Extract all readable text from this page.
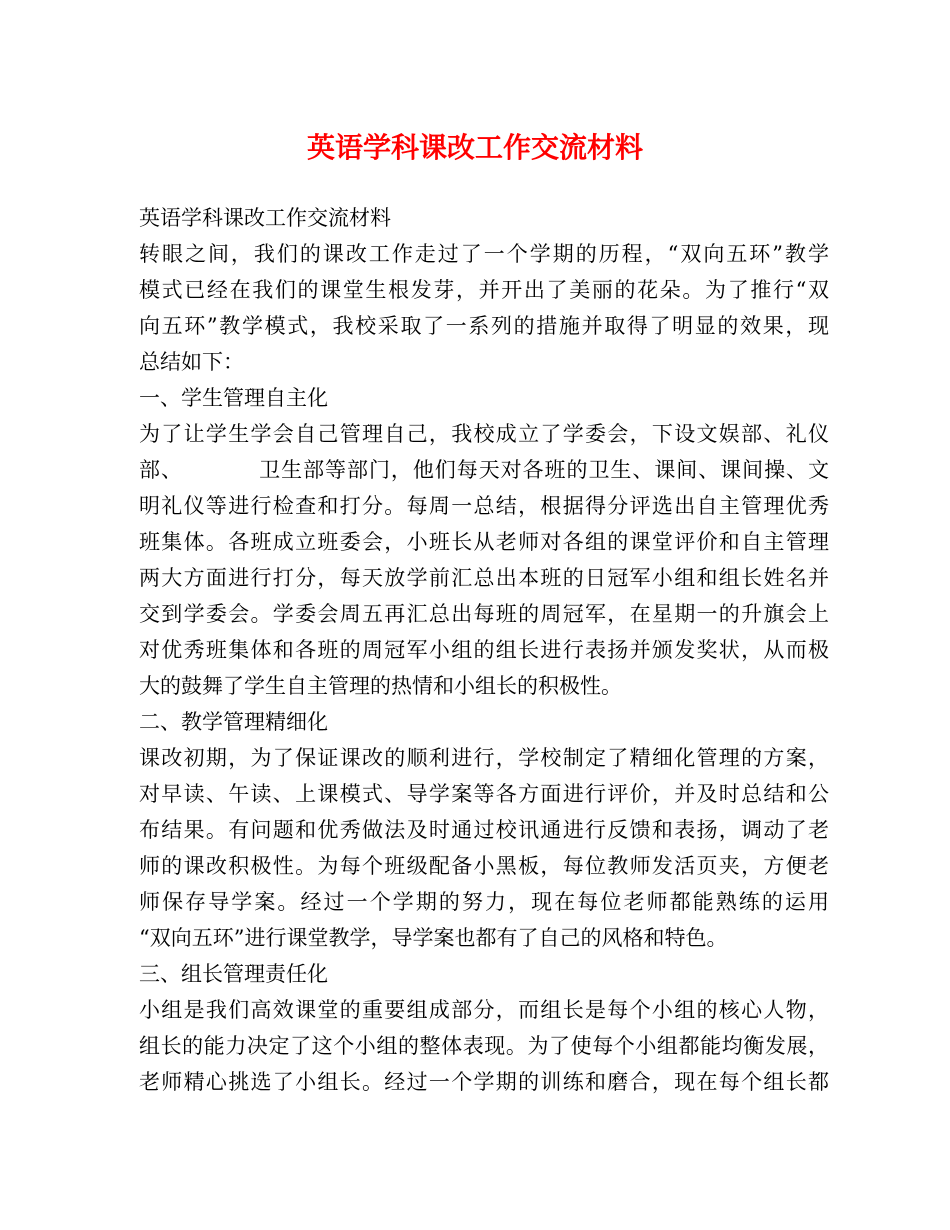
英语学科课改工作交流材料

英语学科课改工作交流材料

转眼之间，我们的课改工作走过了一个学期的历程，“双向五环”教学

模式已经在我们的课堂生根发芽，并开出了美丽的花朵。为了推行“双

向五环”教学模式，我校采取了一系列的措施并取得了明显的效果，现

总结如下：

一、学生管理自主化

为了让学生学会自己管理自己，我校成立了学委会，下设文娱部、礼仪

部、          卫生部等部门，他们每天对各班的卫生、课间、课间操、文

明礼仪等进行检查和打分。每周一总结，根据得分评选出自主管理优秀

班集体。各班成立班委会，小班长从老师对各组的课堂评价和自主管理

两大方面进行打分，每天放学前汇总出本班的日冠军小组和组长姓名并

交到学委会。学委会周五再汇总出每班的周冠军，在星期一的升旗会上

对优秀班集体和各班的周冠军小组的组长进行表扬并颁发奖状，从而极

大的鼓舞了学生自主管理的热情和小组长的积极性。

二、教学管理精细化

课改初期，为了保证课改的顺利进行，学校制定了精细化管理的方案，

对早读、午读、上课模式、导学案等各方面进行评价，并及时总结和公

布结果。有问题和优秀做法及时通过校讯通进行反馈和表扬，调动了老

师的课改积极性。为每个班级配备小黑板，每位教师发活页夹，方便老

师保存导学案。经过一个学期的努力，现在每位老师都能熟练的运用

“双向五环”进行课堂教学，导学案也都有了自己的风格和特色。

三、组长管理责任化

小组是我们高效课堂的重要组成部分，而组长是每个小组的核心人物，

组长的能力决定了这个小组的整体表现。为了使每个小组都能均衡发展，

老师精心挑选了小组长。经过一个学期的训练和磨合，现在每个组长都
